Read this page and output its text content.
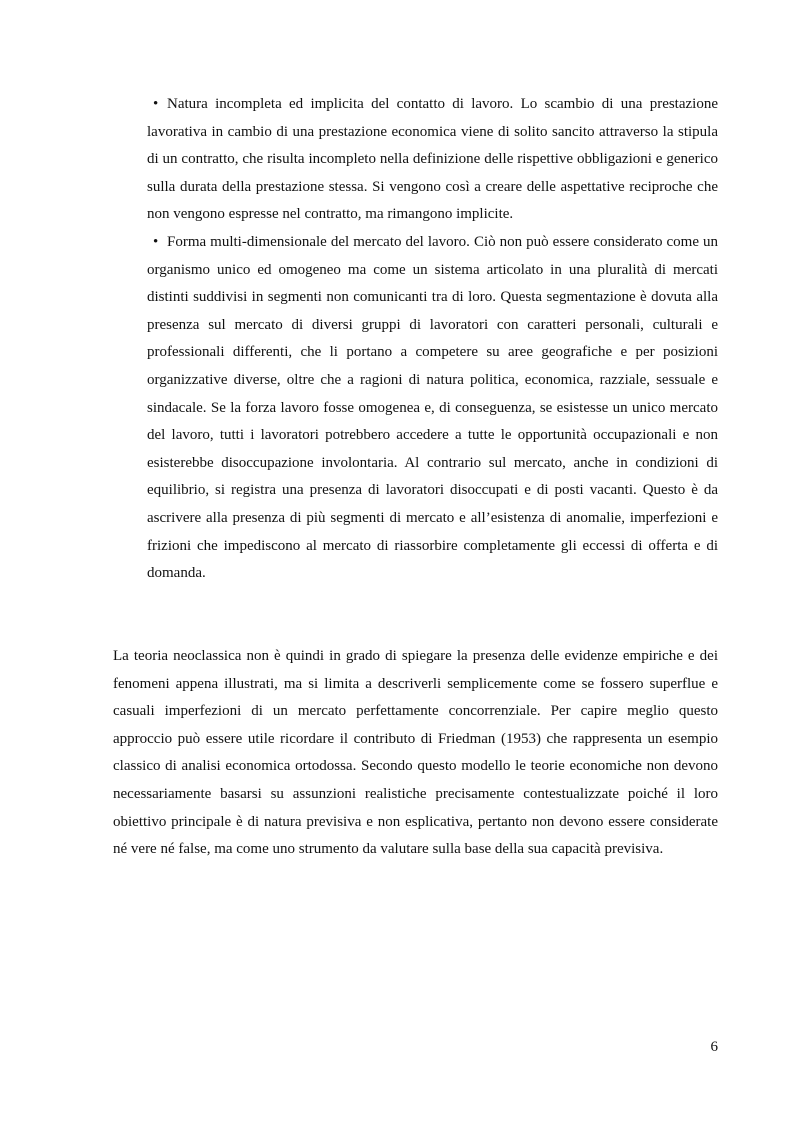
• Natura incompleta ed implicita del contatto di lavoro. Lo scambio di una prestazione lavorativa in cambio di una prestazione economica viene di solito sancito attraverso la stipula di un contratto, che risulta incompleto nella definizione delle rispettive obbligazioni e generico sulla durata della prestazione stessa. Si vengono così a creare delle aspettative reciproche che non vengono espresse nel contratto, ma rimangono implicite.
• Forma multi-dimensionale del mercato del lavoro. Ciò non può essere considerato come un organismo unico ed omogeneo ma come un sistema articolato in una pluralità di mercati distinti suddivisi in segmenti non comunicanti tra di loro. Questa segmentazione è dovuta alla presenza sul mercato di diversi gruppi di lavoratori con caratteri personali, culturali e professionali differenti, che li portano a competere su aree geografiche e per posizioni organizzative diverse, oltre che a ragioni di natura politica, economica, razziale, sessuale e sindacale. Se la forza lavoro fosse omogenea e, di conseguenza, se esistesse un unico mercato del lavoro, tutti i lavoratori potrebbero accedere a tutte le opportunità occupazionali e non esisterebbe disoccupazione involontaria. Al contrario sul mercato, anche in condizioni di equilibrio, si registra una presenza di lavoratori disoccupati e di posti vacanti. Questo è da ascrivere alla presenza di più segmenti di mercato e all’esistenza di anomalie, imperfezioni e frizioni che impediscono al mercato di riassorbire completamente gli eccessi di offerta e di domanda.

La teoria neoclassica non è quindi in grado di spiegare la presenza delle evidenze empiriche e dei fenomeni appena illustrati, ma si limita a descriverli semplicemente come se fossero superflue e casuali imperfezioni di un mercato perfettamente concorrenziale. Per capire meglio questo approccio può essere utile ricordare il contributo di Friedman (1953) che rappresenta un esempio classico di analisi economica ortodossa. Secondo questo modello le teorie economiche non devono necessariamente basarsi su assunzioni realistiche precisamente contestualizzate poiché il loro obiettivo principale è di natura previsiva e non esplicativa, pertanto non devono essere considerate né vere né false, ma come uno strumento da valutare sulla base della sua capacità previsiva.

6
